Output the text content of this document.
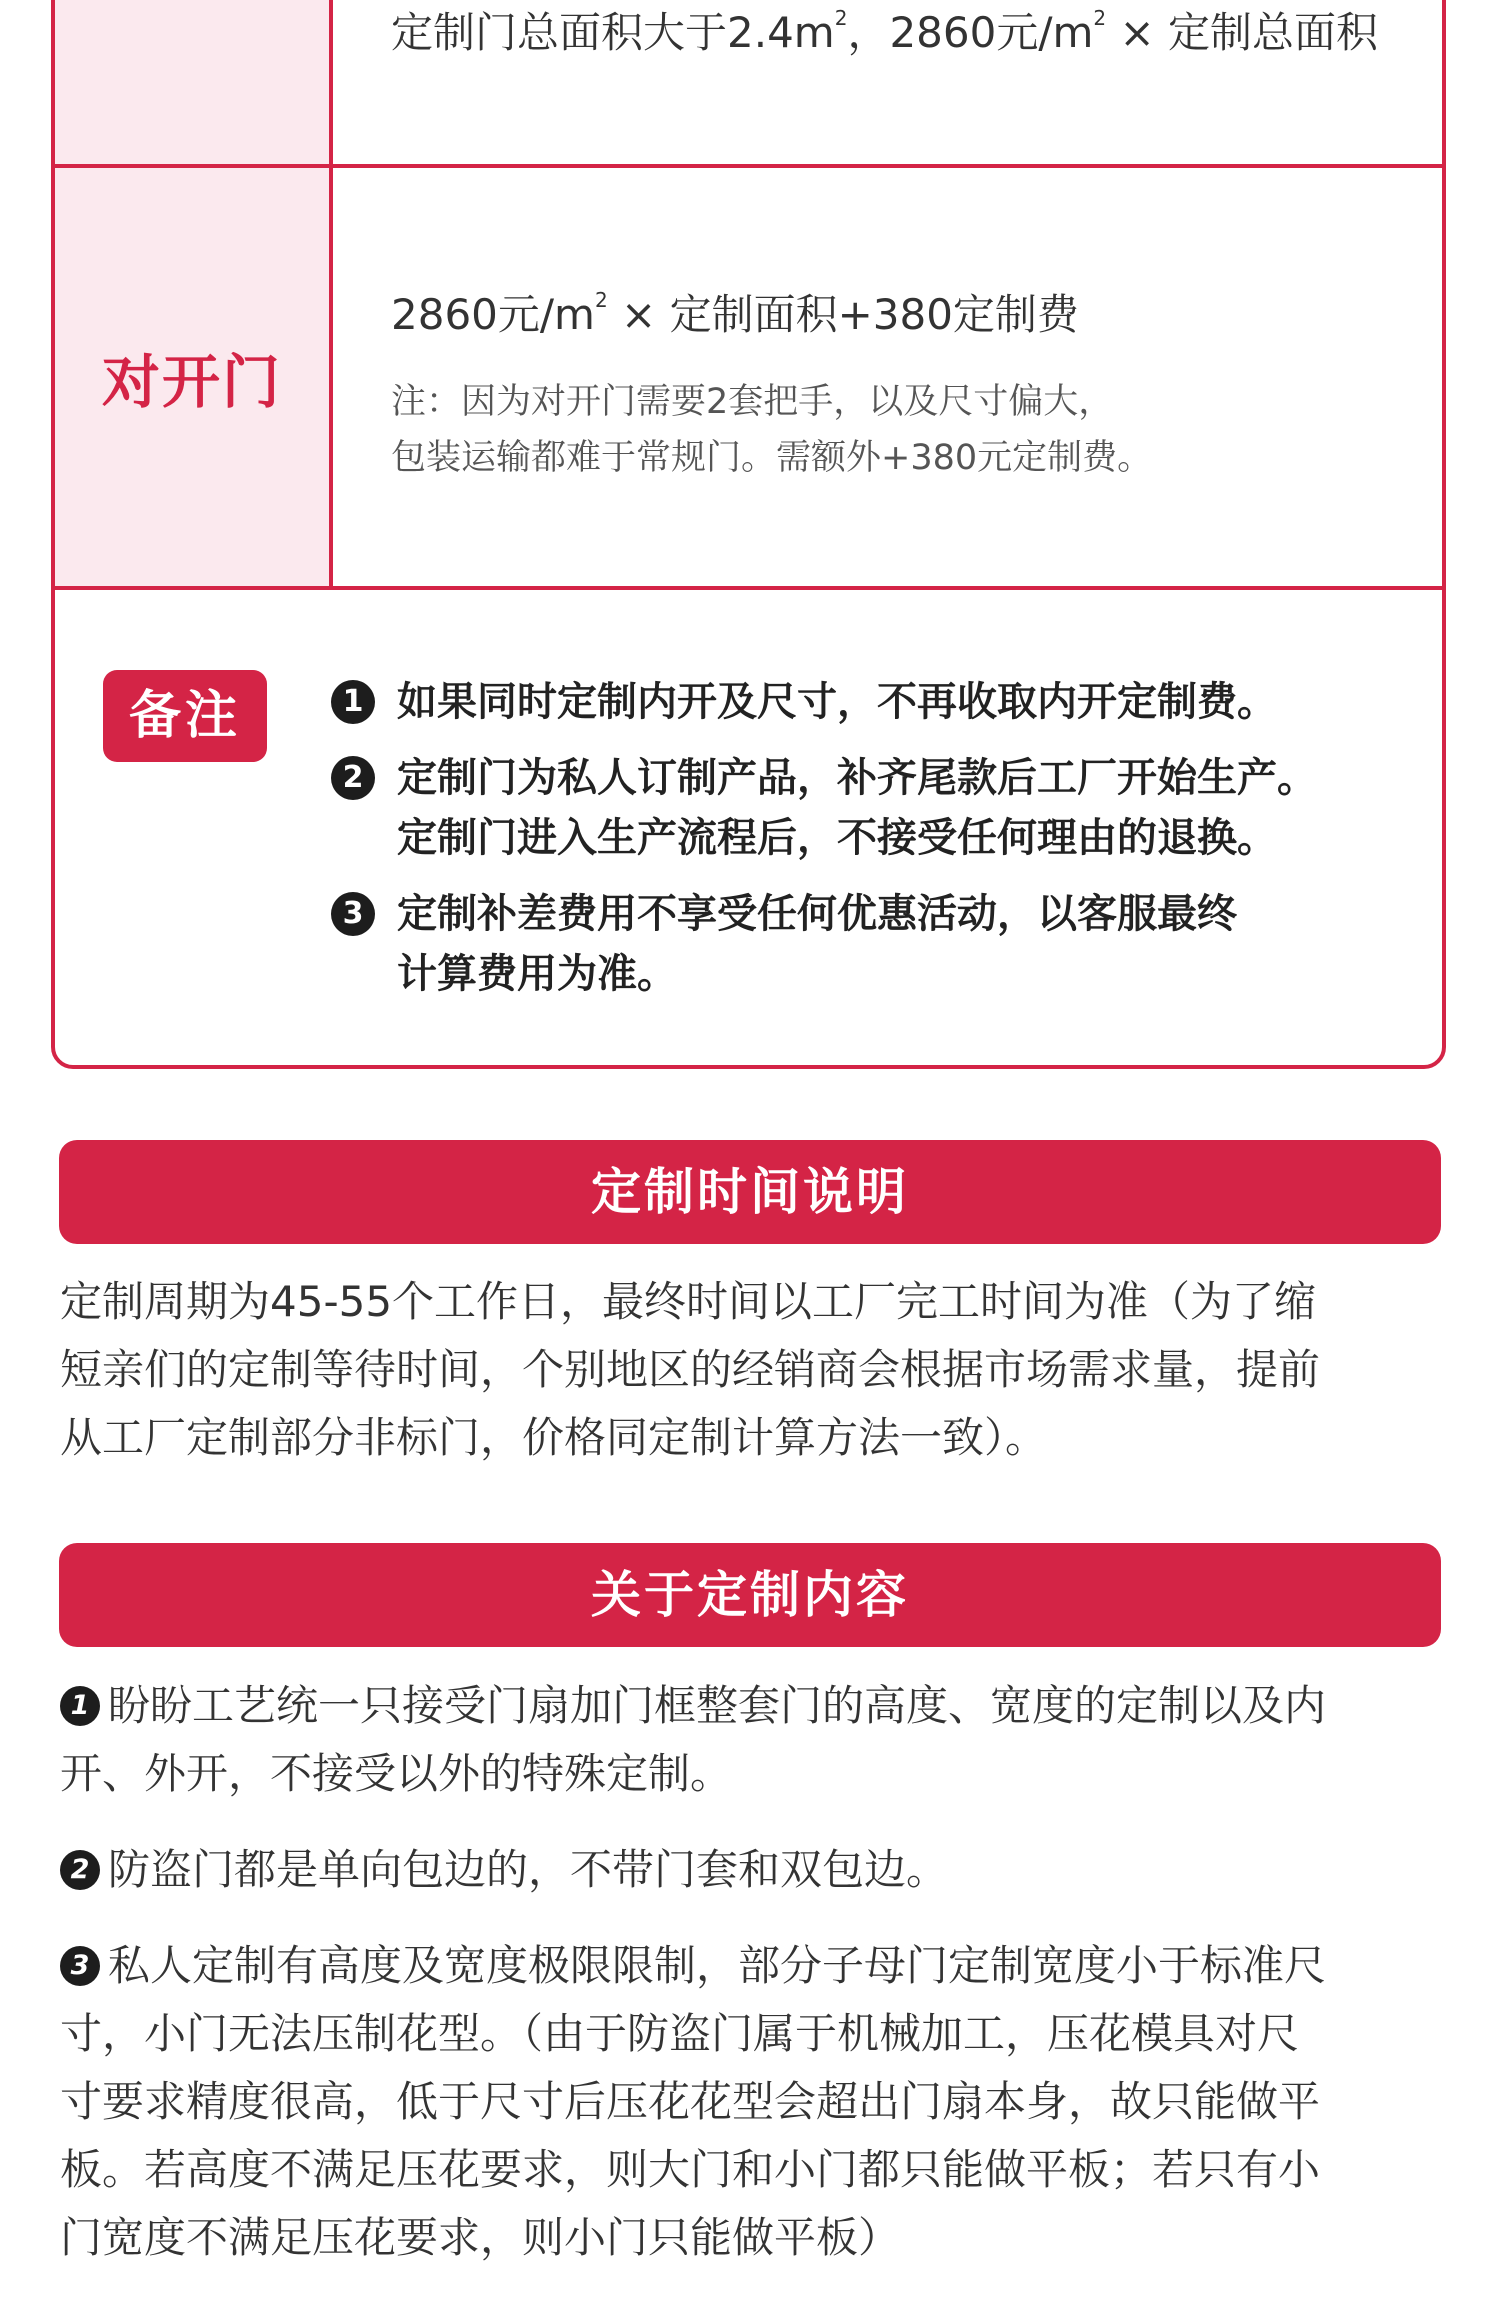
定制门总面积大于$2.4m^2$，2860元$/m^2$ × 定制总面积
对开门
2860元$/m^2$ × 定制面积+380定制费
注：因为对开门需要2套把手，以及尺寸偏大，
包装运输都难于常规门。需额外+380元定制费。
备注	1 如果同时定制内开及尺寸，不再收取内开定制费。
2 定制门为私人订制产品，补齐尾款后工厂开始生产。
定制门进入生产流程后，不接受任何理由的退换。
3 定制补差费用不享受任何优惠活动，以客服最终
计算费用为准。
定制时间说明
定制周期为45-55个工作日，最终时间以工厂完工时间为准（为了缩
短亲们的定制等待时间，个别地区的经销商会根据市场需求量，提前
从工厂定制部分非标门，价格同定制计算方法一致）。
关于定制内容
1 盼盼工艺统一只接受门扇加门框整套门的高度、宽度的定制以及内
开、外开，不接受以外的特殊定制。
2 防盗门都是单向包边的，不带门套和双包边。
3 私人定制有高度及宽度极限限制，部分子母门定制宽度小于标准尺
寸，小门无法压制花型。（由于防盗门属于机械加工，压花模具对尺
寸要求精度很高，低于尺寸后压花花型会超出门扇本身，故只能做平
板。若高度不满足压花要求，则大门和小门都只能做平板；若只有小
门宽度不满足压花要求，则小门只能做平板）
